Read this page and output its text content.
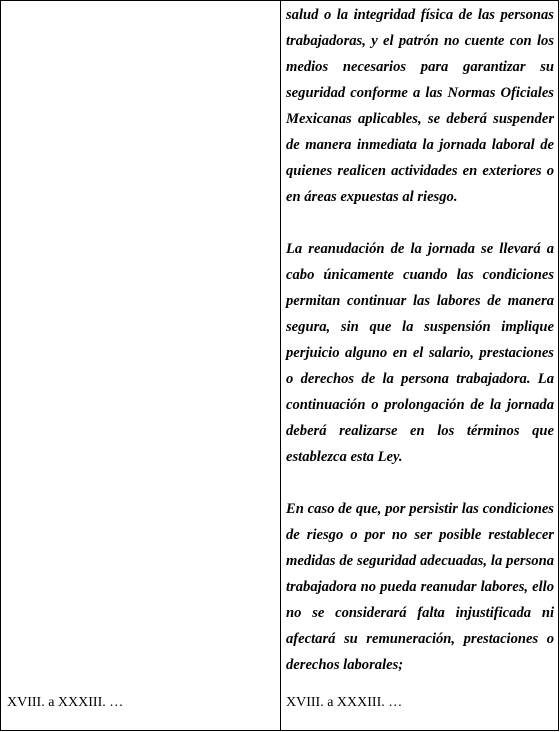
XVIII. a XXXIII. …

salud o la integridad física de las personas trabajadoras, y el patrón no cuente con los medios necesarios para garantizar su seguridad conforme a las Normas Oficiales Mexicanas aplicables, se deberá suspender de manera inmediata la jornada laboral de quienes realicen actividades en exteriores o en áreas expuestas al riesgo.

La reanudación de la jornada se llevará a cabo únicamente cuando las condiciones permitan continuar las labores de manera segura, sin que la suspensión implique perjuicio alguno en el salario, prestaciones o derechos de la persona trabajadora. La continuación o prolongación de la jornada deberá realizarse en los términos que establezca esta Ley.

En caso de que, por persistir las condiciones de riesgo o por no ser posible restablecer medidas de seguridad adecuadas, la persona trabajadora no pueda reanudar labores, ello no se considerará falta injustificada ni afectará su remuneración, prestaciones o derechos laborales;

XVIII. a XXXIII. …
